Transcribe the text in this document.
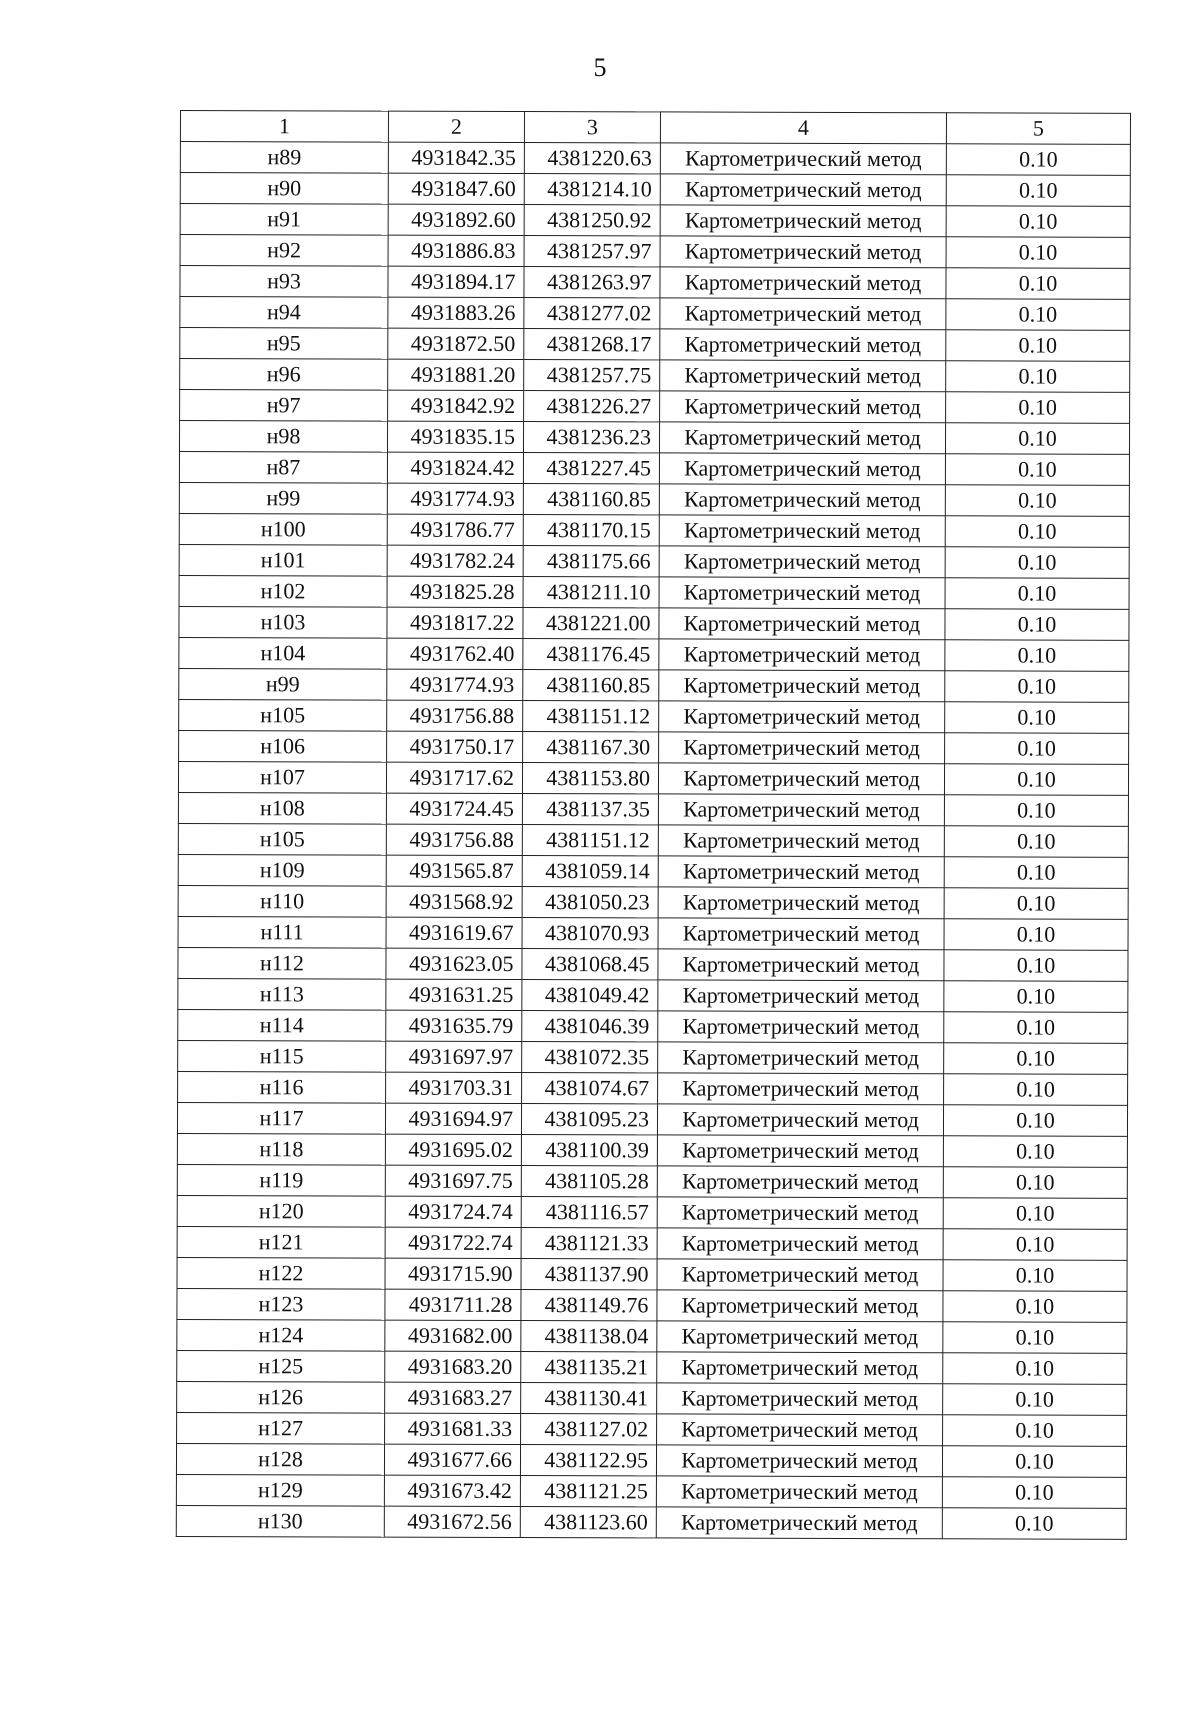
5
1	2	3	4	5
н89	4931842.35	4381220.63	Картометрический метод	0.10
н90	4931847.60	4381214.10	Картометрический метод	0.10
н91	4931892.60	4381250.92	Картометрический метод	0.10
н92	4931886.83	4381257.97	Картометрический метод	0.10
н93	4931894.17	4381263.97	Картометрический метод	0.10
н94	4931883.26	4381277.02	Картометрический метод	0.10
н95	4931872.50	4381268.17	Картометрический метод	0.10
н96	4931881.20	4381257.75	Картометрический метод	0.10
н97	4931842.92	4381226.27	Картометрический метод	0.10
н98	4931835.15	4381236.23	Картометрический метод	0.10
н87	4931824.42	4381227.45	Картометрический метод	0.10
н99	4931774.93	4381160.85	Картометрический метод	0.10
н100	4931786.77	4381170.15	Картометрический метод	0.10
н101	4931782.24	4381175.66	Картометрический метод	0.10
н102	4931825.28	4381211.10	Картометрический метод	0.10
н103	4931817.22	4381221.00	Картометрический метод	0.10
н104	4931762.40	4381176.45	Картометрический метод	0.10
н99	4931774.93	4381160.85	Картометрический метод	0.10
н105	4931756.88	4381151.12	Картометрический метод	0.10
н106	4931750.17	4381167.30	Картометрический метод	0.10
н107	4931717.62	4381153.80	Картометрический метод	0.10
н108	4931724.45	4381137.35	Картометрический метод	0.10
н105	4931756.88	4381151.12	Картометрический метод	0.10
н109	4931565.87	4381059.14	Картометрический метод	0.10
н110	4931568.92	4381050.23	Картометрический метод	0.10
н111	4931619.67	4381070.93	Картометрический метод	0.10
н112	4931623.05	4381068.45	Картометрический метод	0.10
н113	4931631.25	4381049.42	Картометрический метод	0.10
н114	4931635.79	4381046.39	Картометрический метод	0.10
н115	4931697.97	4381072.35	Картометрический метод	0.10
н116	4931703.31	4381074.67	Картометрический метод	0.10
н117	4931694.97	4381095.23	Картометрический метод	0.10
н118	4931695.02	4381100.39	Картометрический метод	0.10
н119	4931697.75	4381105.28	Картометрический метод	0.10
н120	4931724.74	4381116.57	Картометрический метод	0.10
н121	4931722.74	4381121.33	Картометрический метод	0.10
н122	4931715.90	4381137.90	Картометрический метод	0.10
н123	4931711.28	4381149.76	Картометрический метод	0.10
н124	4931682.00	4381138.04	Картометрический метод	0.10
н125	4931683.20	4381135.21	Картометрический метод	0.10
н126	4931683.27	4381130.41	Картометрический метод	0.10
н127	4931681.33	4381127.02	Картометрический метод	0.10
н128	4931677.66	4381122.95	Картометрический метод	0.10
н129	4931673.42	4381121.25	Картометрический метод	0.10
н130	4931672.56	4381123.60	Картометрический метод	0.10
